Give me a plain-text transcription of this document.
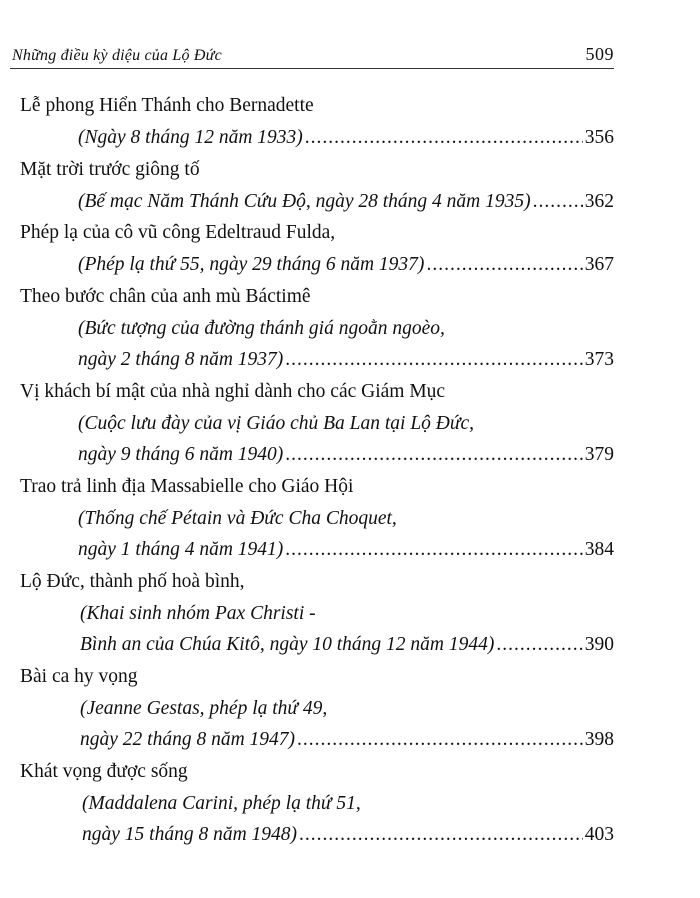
Những điều kỳ diệu của Lộ Đức	509
Lễ phong Hiển Thánh cho Bernadette
(Ngày 8 tháng 12 năm 1933) .....	356
Mặt trời trước giông tố
(Bế mạc Năm Thánh Cứu Độ, ngày 28 tháng 4 năm 1935) .....	362
Phép lạ của cô vũ công Edeltraud Fulda,
(Phép lạ thứ 55, ngày 29 tháng 6 năm 1937) .....	367
Theo bước chân của anh mù Báctimê
(Bức tượng của đường thánh giá ngoằn ngoèo,
ngày 2 tháng 8 năm 1937) .....	373
Vị khách bí mật của nhà nghỉ dành cho các Giám Mục
(Cuộc lưu đày của vị Giáo chủ Ba Lan tại Lộ Đức,
ngày 9 tháng 6 năm 1940) .....	379
Trao trả linh địa Massabielle cho Giáo Hội
(Thống chế Pétain và Đức Cha Choquet,
ngày 1 tháng 4 năm 1941) .....	384
Lộ Đức, thành phố hoà bình,
(Khai sinh nhóm Pax Christi -
Bình an của Chúa Kitô, ngày 10 tháng 12 năm 1944) .....	390
Bài ca hy vọng
(Jeanne Gestas, phép lạ thứ 49,
ngày 22 tháng 8 năm 1947) .....	398
Khát vọng được sống
(Maddalena Carini, phép lạ thứ 51,
ngày 15 tháng 8 năm 1948) .....	403
